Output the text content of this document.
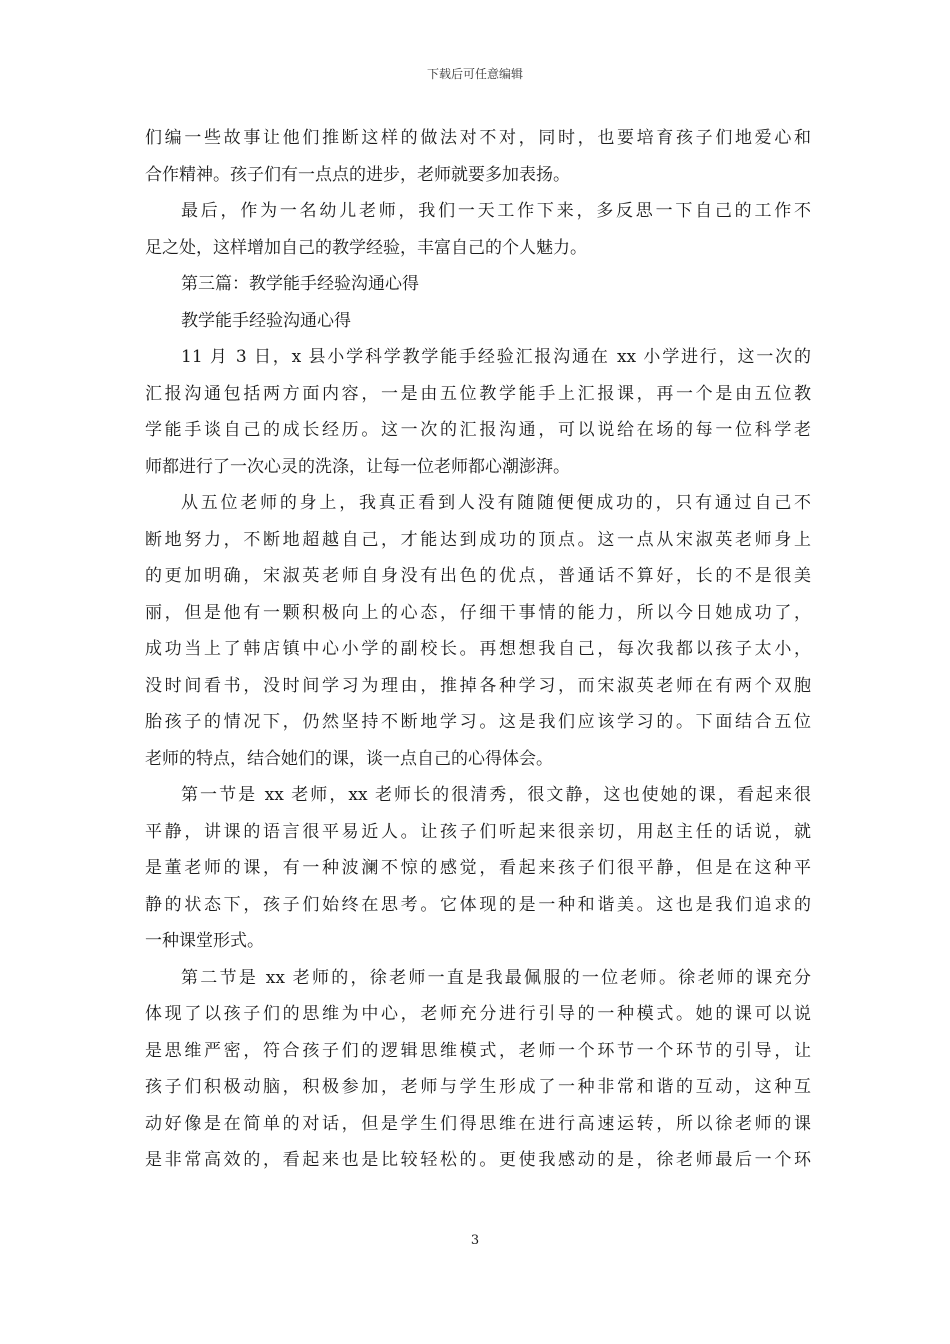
下载后可任意编辑
们编一些故事让他们推断这样的做法对不对，同时，也要培育孩子们地爱心和
合作精神。孩子们有一点点的进步，老师就要多加表扬。
最后，作为一名幼儿老师，我们一天工作下来，多反思一下自己的工作不
足之处，这样增加自己的教学经验，丰富自己的个人魅力。
第三篇：教学能手经验沟通心得
教学能手经验沟通心得
11 月 3 日，x 县小学科学教学能手经验汇报沟通在 xx 小学进行，这一次的
汇报沟通包括两方面内容，一是由五位教学能手上汇报课，再一个是由五位教
学能手谈自己的成长经历。这一次的汇报沟通，可以说给在场的每一位科学老
师都进行了一次心灵的洗涤，让每一位老师都心潮澎湃。
从五位老师的身上，我真正看到人没有随随便便成功的，只有通过自己不
断地努力，不断地超越自己，才能达到成功的顶点。这一点从宋淑英老师身上
的更加明确，宋淑英老师自身没有出色的优点，普通话不算好，长的不是很美
丽，但是他有一颗积极向上的心态，仔细干事情的能力，所以今日她成功了，
成功当上了韩店镇中心小学的副校长。再想想我自己，每次我都以孩子太小，
没时间看书，没时间学习为理由，推掉各种学习，而宋淑英老师在有两个双胞
胎孩子的情况下，仍然坚持不断地学习。这是我们应该学习的。下面结合五位
老师的特点，结合她们的课，谈一点自己的心得体会。
第一节是 xx 老师，xx 老师长的很清秀，很文静，这也使她的课，看起来很
平静，讲课的语言很平易近人。让孩子们听起来很亲切，用赵主任的话说，就
是董老师的课，有一种波澜不惊的感觉，看起来孩子们很平静，但是在这种平
静的状态下，孩子们始终在思考。它体现的是一种和谐美。这也是我们追求的
一种课堂形式。
第二节是 xx 老师的，徐老师一直是我最佩服的一位老师。徐老师的课充分
体现了以孩子们的思维为中心，老师充分进行引导的一种模式。她的课可以说
是思维严密，符合孩子们的逻辑思维模式，老师一个环节一个环节的引导，让
孩子们积极动脑，积极参加，老师与学生形成了一种非常和谐的互动，这种互
动好像是在简单的对话，但是学生们得思维在进行高速运转，所以徐老师的课
是非常高效的，看起来也是比较轻松的。更使我感动的是，徐老师最后一个环
3
